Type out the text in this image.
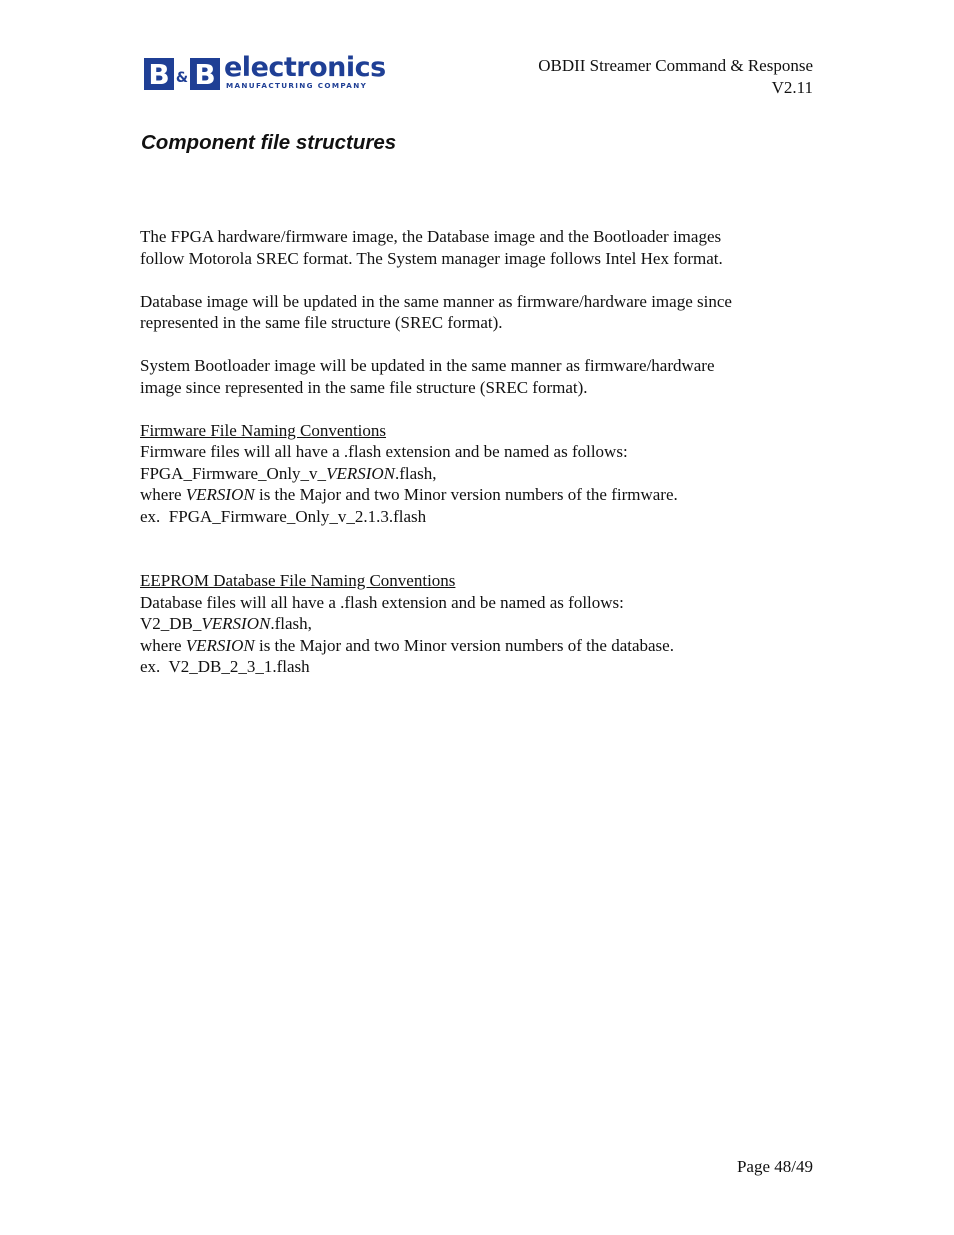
B & B electronics
MANUFACTURING COMPANY
OBDII Streamer Command & Response
V2.11
Component file structures

The FPGA hardware/firmware image, the Database image and the Bootloader images
follow Motorola SREC format. The System manager image follows Intel Hex format.

Database image will be updated in the same manner as firmware/hardware image since
represented in the same file structure (SREC format).

System Bootloader image will be updated in the same manner as firmware/hardware
image since represented in the same file structure (SREC format).

Firmware File Naming Conventions

Firmware files will all have a .flash extension and be named as follows:

FPGA_Firmware_Only_v_VERSION.flash,

where VERSION is the Major and two Minor version numbers of the firmware.

ex.  FPGA_Firmware_Only_v_2.1.3.flash

EEPROM Database File Naming Conventions

Database files will all have a .flash extension and be named as follows:

V2_DB_VERSION.flash,

where VERSION is the Major and two Minor version numbers of the database.

ex.  V2_DB_2_3_1.flash

Page 48/49
